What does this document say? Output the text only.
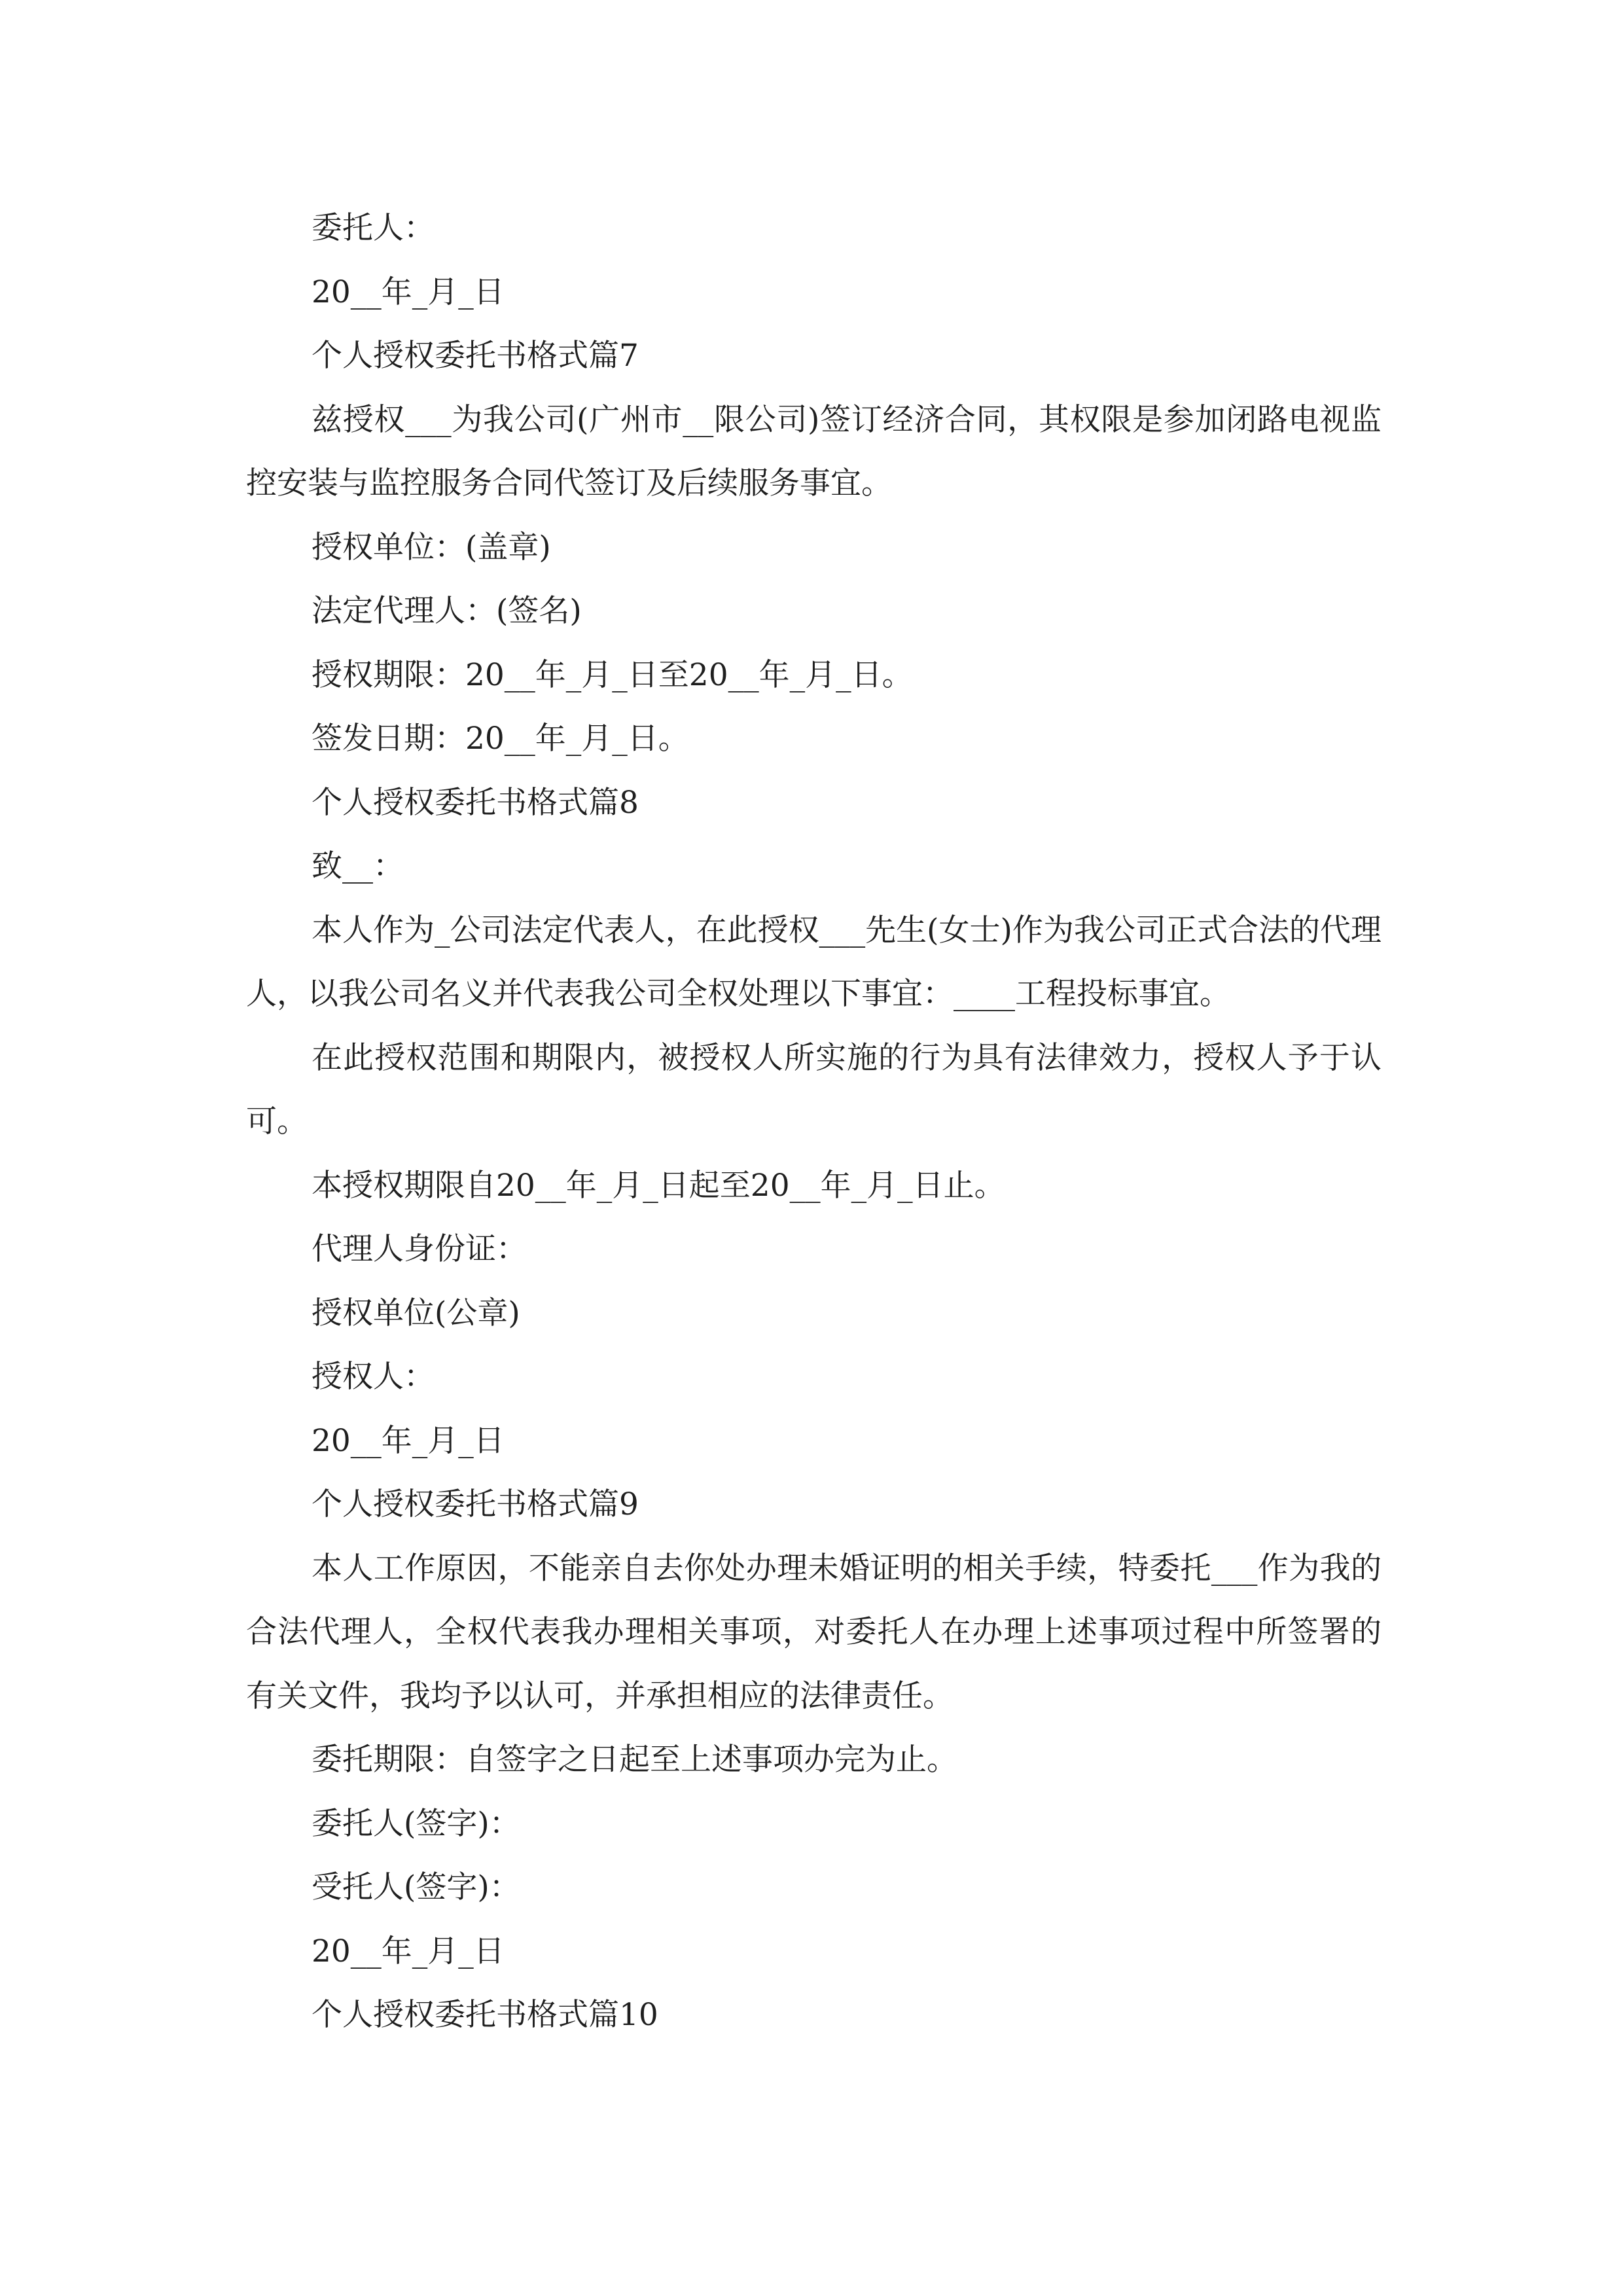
委托人：

20__年_月_日

个人授权委托书格式篇7

兹授权___为我公司(广州市__限公司)签订经济合同，其权限是参加闭路电视监控安装与监控服务合同代签订及后续服务事宜。

授权单位：(盖章)

法定代理人：(签名)

授权期限：20__年_月_日至20__年_月_日。

签发日期：20__年_月_日。

个人授权委托书格式篇8

致__：

本人作为_公司法定代表人，在此授权___先生(女士)作为我公司正式合法的代理人，以我公司名义并代表我公司全权处理以下事宜：____工程投标事宜。

在此授权范围和期限内，被授权人所实施的行为具有法律效力，授权人予于认可。

本授权期限自20__年_月_日起至20__年_月_日止。

代理人身份证：

授权单位(公章)

授权人：

20__年_月_日

个人授权委托书格式篇9

本人工作原因，不能亲自去你处办理未婚证明的相关手续，特委托___作为我的合法代理人，全权代表我办理相关事项，对委托人在办理上述事项过程中所签署的有关文件，我均予以认可，并承担相应的法律责任。

委托期限：自签字之日起至上述事项办完为止。

委托人(签字)：

受托人(签字)：

20__年_月_日

个人授权委托书格式篇10
